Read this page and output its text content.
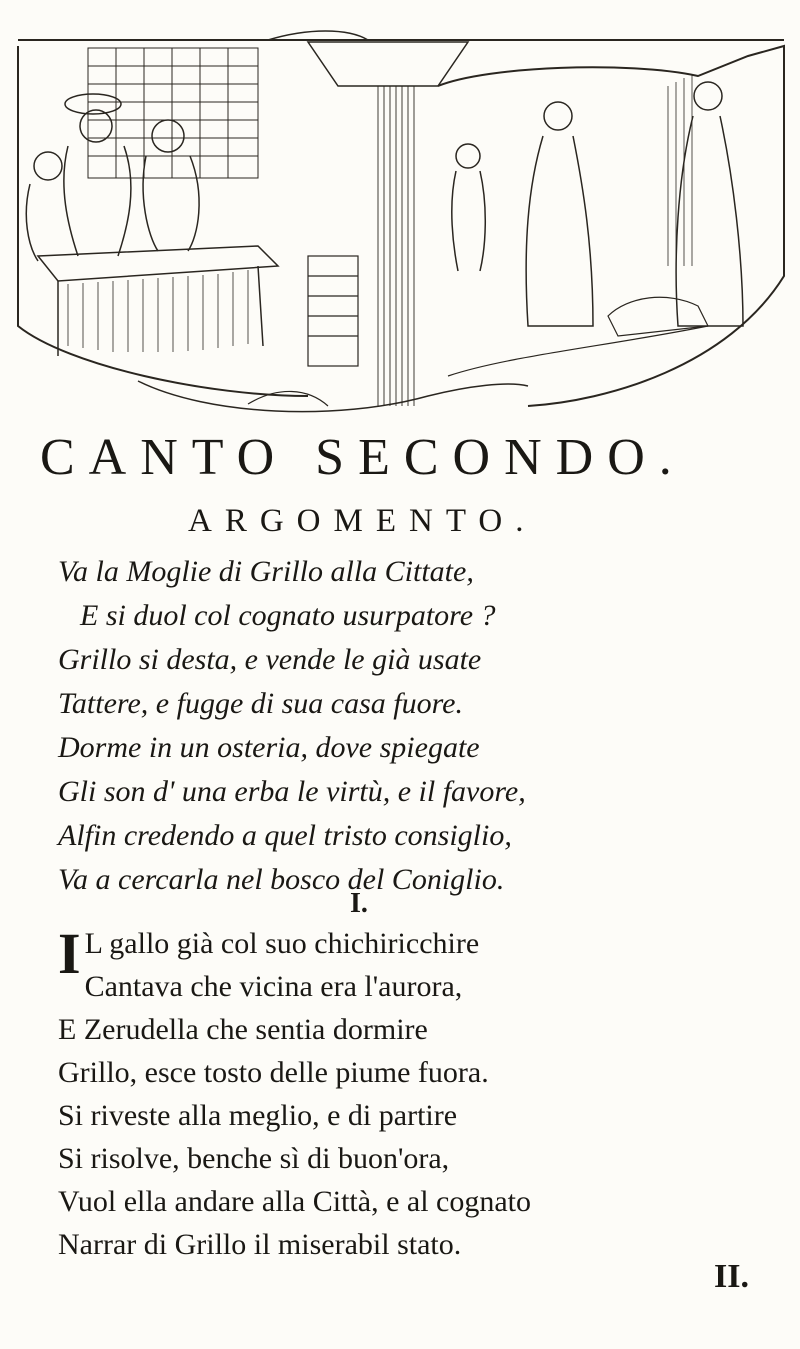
CANTO SECONDO.
ARGOMENTO.
Va la Moglie di Grillo alla Cittate,
E si duol col cognato usurpatore ?
Grillo si desta, e vende le già usate
Tattere, e fugge di sua casa fuore.
Dorme in un osteria, dove spiegate
Gli son d' una erba le virtù, e il favore,
Alfin credendo a quel tristo consiglio,
Va a cercarla nel bosco del Coniglio.
I.
I L gallo già col suo chichiricchire
Cantava che vicina era l'aurora,
E Zerudella che sentia dormire
Grillo, esce tosto delle piume fuora.
Si riveste alla meglio, e di partire
Si risolve, benche sì di buon'ora,
Vuol ella andare alla Città, e al cognato
Narrar di Grillo il miserabil stato.
II.
